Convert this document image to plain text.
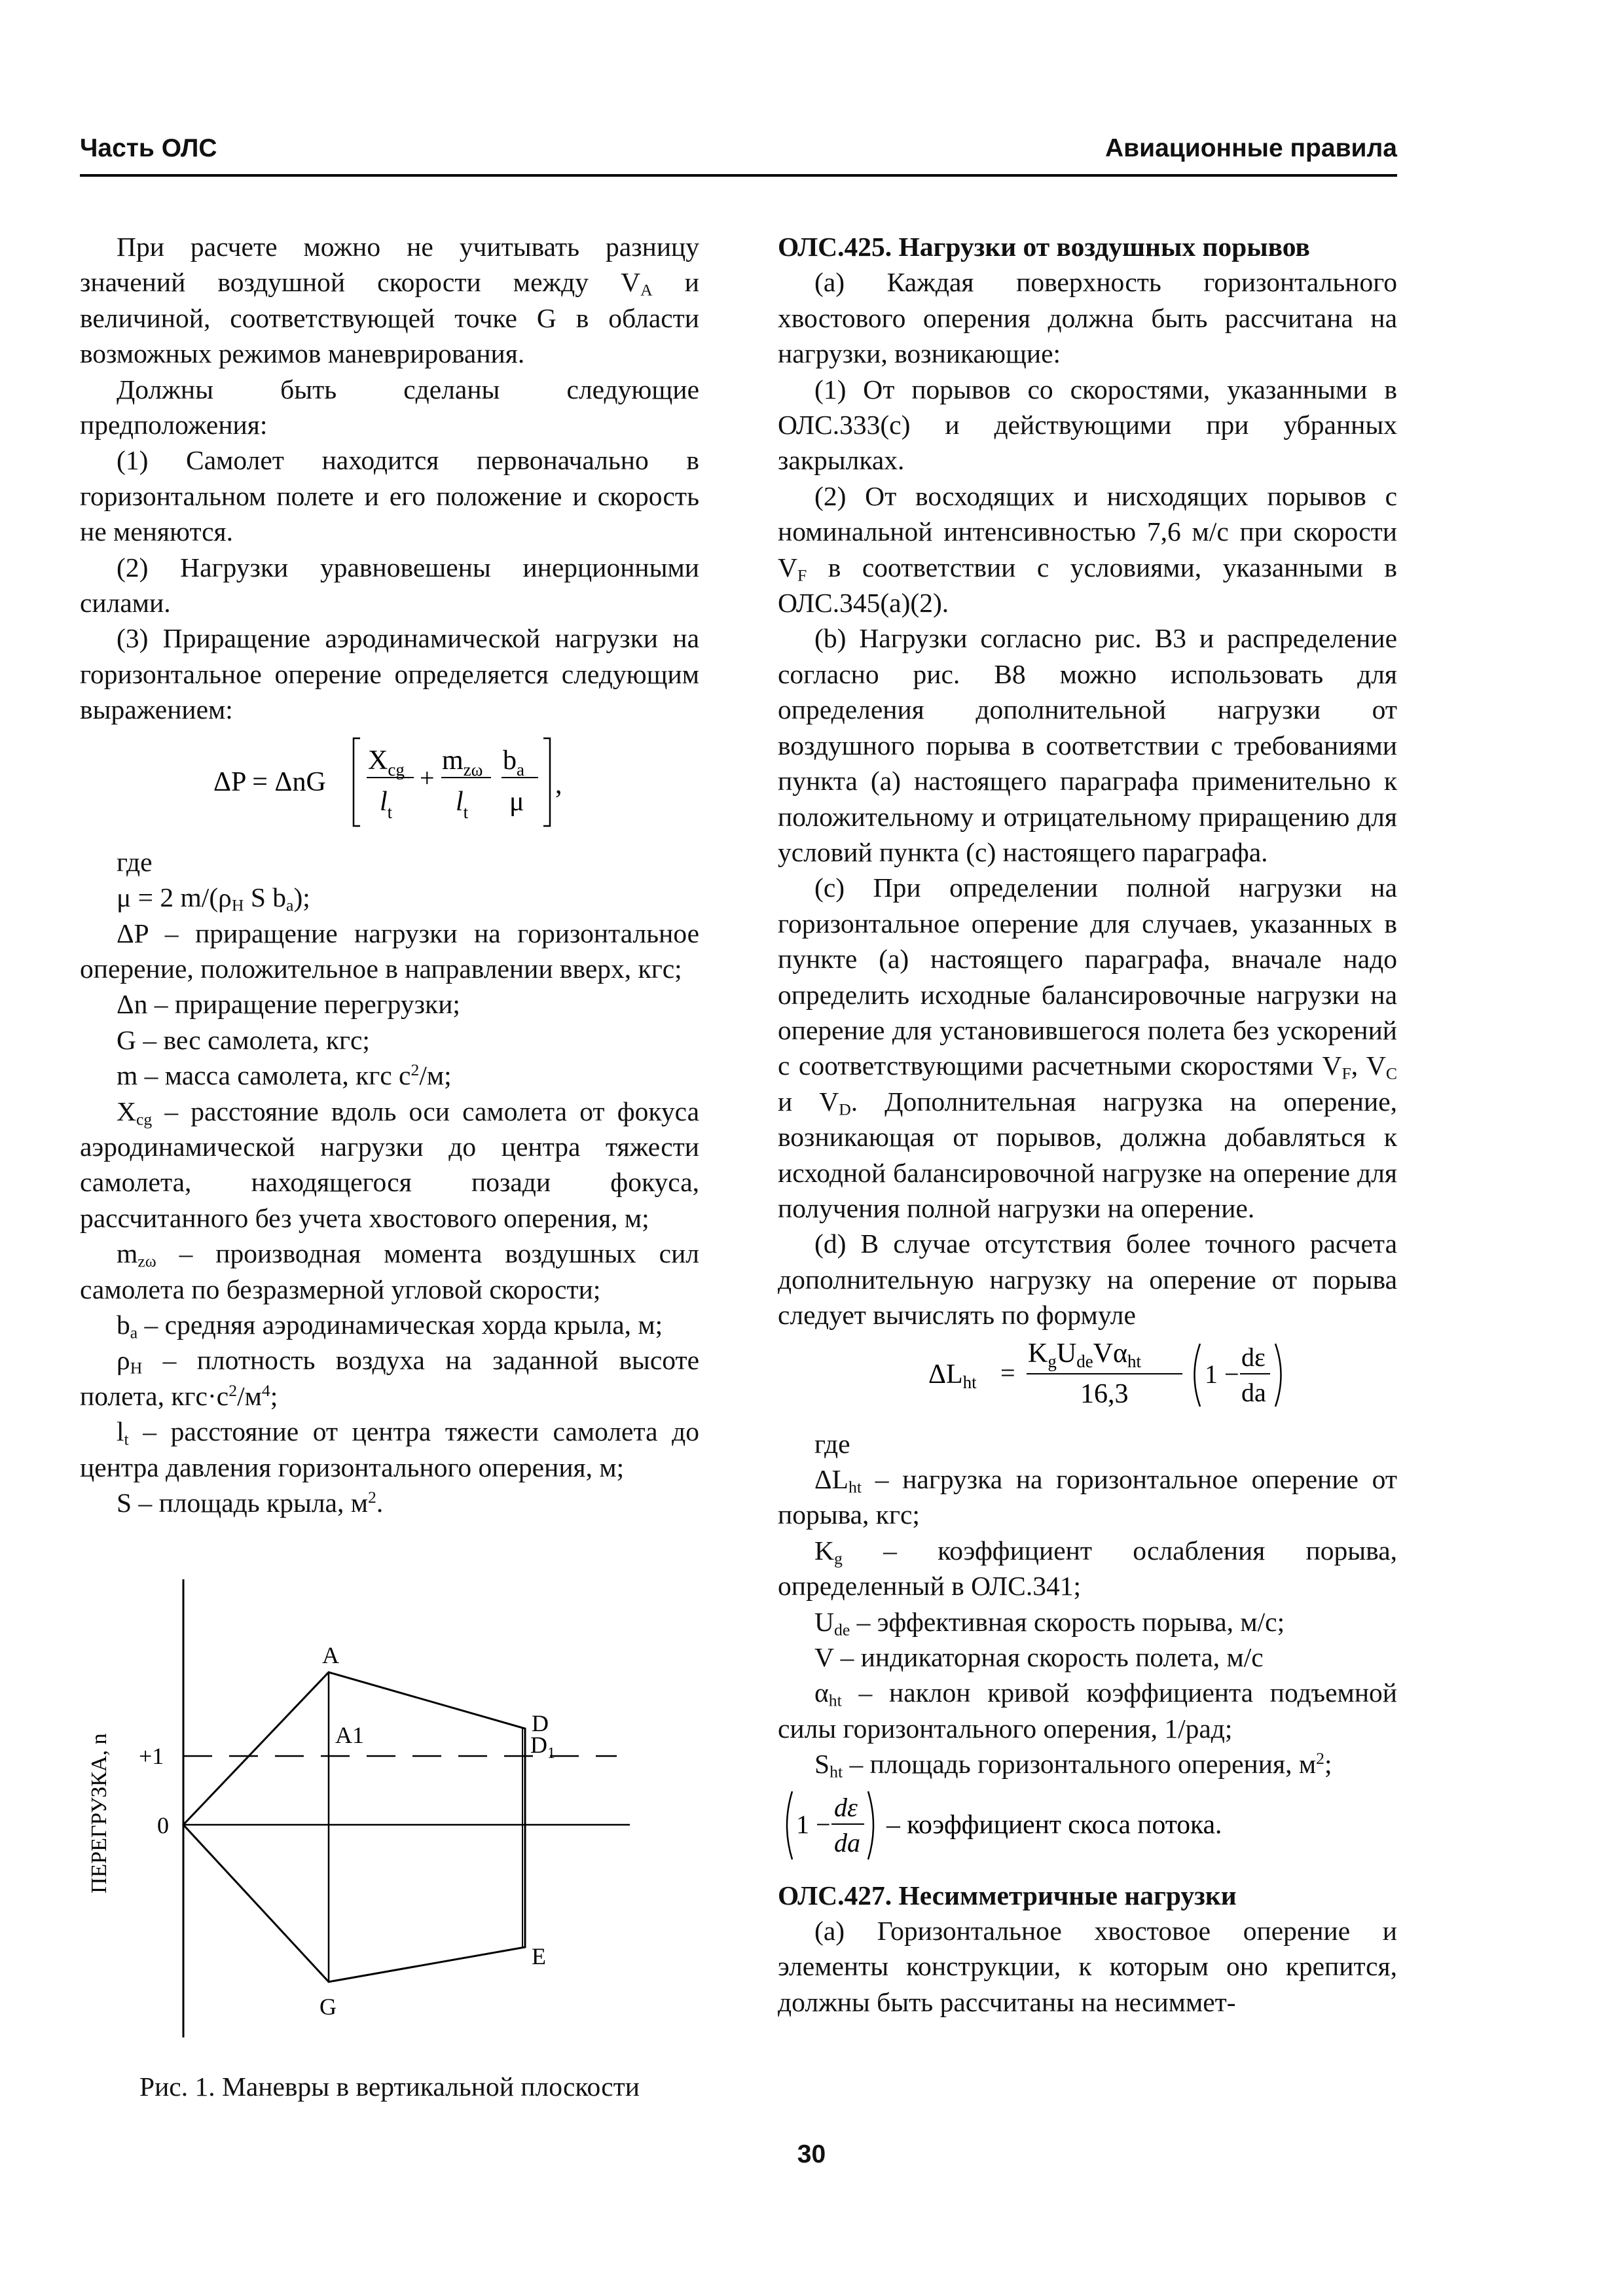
Часть ОЛС	Авиационные правила

При расчете можно не учитывать разницу значений воздушной скорости между $V_A$ и величиной, соответствующей точке G в области возможных режимов маневрирования.

Должны быть сделаны следующие предположения:

(1) Самолет находится первоначально в горизонтальном полете и его положение и скорость не меняются.

(2) Нагрузки уравновешены инерционными силами.

(3) Приращение аэродинамической нагрузки на горизонтальное оперение определяется следующим выражением:

ΔP = ΔnG
$X_{cg}$
$l_t$
+
$m_{z\omega}$
$l_t$
$b_a$
μ
,

где

μ = 2 $m/(\rho_H$ S $b_a$);

ΔP – приращение нагрузки на горизонтальное оперение, положительное в направлении вверх, кгс;

Δn – приращение перегрузки;

G – вес самолета, кгс;

m – масса самолета, кгс $с^2/м$;

$X_{cg}$ – расстояние вдоль оси самолета от фокуса аэродинамической нагрузки до центра тяжести самолета, находящегося позади фокуса, рассчитанного без учета хвостового оперения, м;

$m_{z\omega}$ – производная момента воздушных сил самолета по безразмерной угловой скорости;

$b_a$ – средняя аэродинамическая хорда крыла, м;

$\rho_H$ – плотность воздуха на заданной высоте полета, $кгс\cdot с^2/м^4$;

$l_t$ – расстояние от центра тяжести самолета до центра давления горизонтального оперения, м;

S – площадь крыла, $м^2$.

ПЕРЕГРУЗКА, n +1
0
A
A1	D
$D_1$
E
G

Рис. 1. Маневры в вертикальной плоскости

ОЛС.425. Нагрузки от воздушных порывов

(а) Каждая поверхность горизонтального хвостового оперения должна быть рассчитана на нагрузки, возникающие:

(1) От порывов со скоростями, указанными в ОЛС.333(с) и действующими при убранных закрылках.

(2) От восходящих и нисходящих порывов с номинальной интенсивностью 7,6 м/с при скорости $V_F$ в соответствии с условиями, указанными в ОЛС.345(а)(2).

(b) Нагрузки согласно рис. В3 и распределение согласно рис. В8 можно использовать для определения дополнительной нагрузки от воздушного порыва в соответствии с требованиями пункта (а) настоящего параграфа применительно к положительному и отрицательному приращению для условий пункта (с) настоящего параграфа.

(с) При определении полной нагрузки на горизонтальное оперение для случаев, указанных в пункте (а) настоящего параграфа, вначале надо определить исходные балансировочные нагрузки на оперение для установившегося полета без ускорений с соответствующими расчетными скоростями $V_F$, $V_C$ и $V_D$. Дополнительная нагрузка на оперение, возникающая от порывов, должна добавляться к исходной балансировочной нагрузке на оперение для получения полной нагрузки на оперение.

(d) В случае отсутствия более точного расчета дополнительную нагрузку на оперение от порыва следует вычислять по формуле

ΔLht =
KgUdeVαht
16,3
1 −
dε
da

где

$\Delta L_{ht}$ – нагрузка на горизонтальное оперение от порыва, кгс;

$K_g$ – коэффициент ослабления порыва, определенный в ОЛС.341;

$U_{de}$ – эффективная скорость порыва, м/с;

V – индикаторная скорость полета, м/с

$\alpha_{ht}$ – наклон кривой коэффициента подъемной силы горизонтального оперения, 1/рад;

$S_{ht}$ – площадь горизонтального оперения, $м^2$;

1 −
dε
da
– коэффициент скоса потока.
ОЛС.427. Несимметричные нагрузки

(а) Горизонтальное хвостовое оперение и элементы конструкции, к которым оно крепится, должны быть рассчитаны на несиммет-

30
